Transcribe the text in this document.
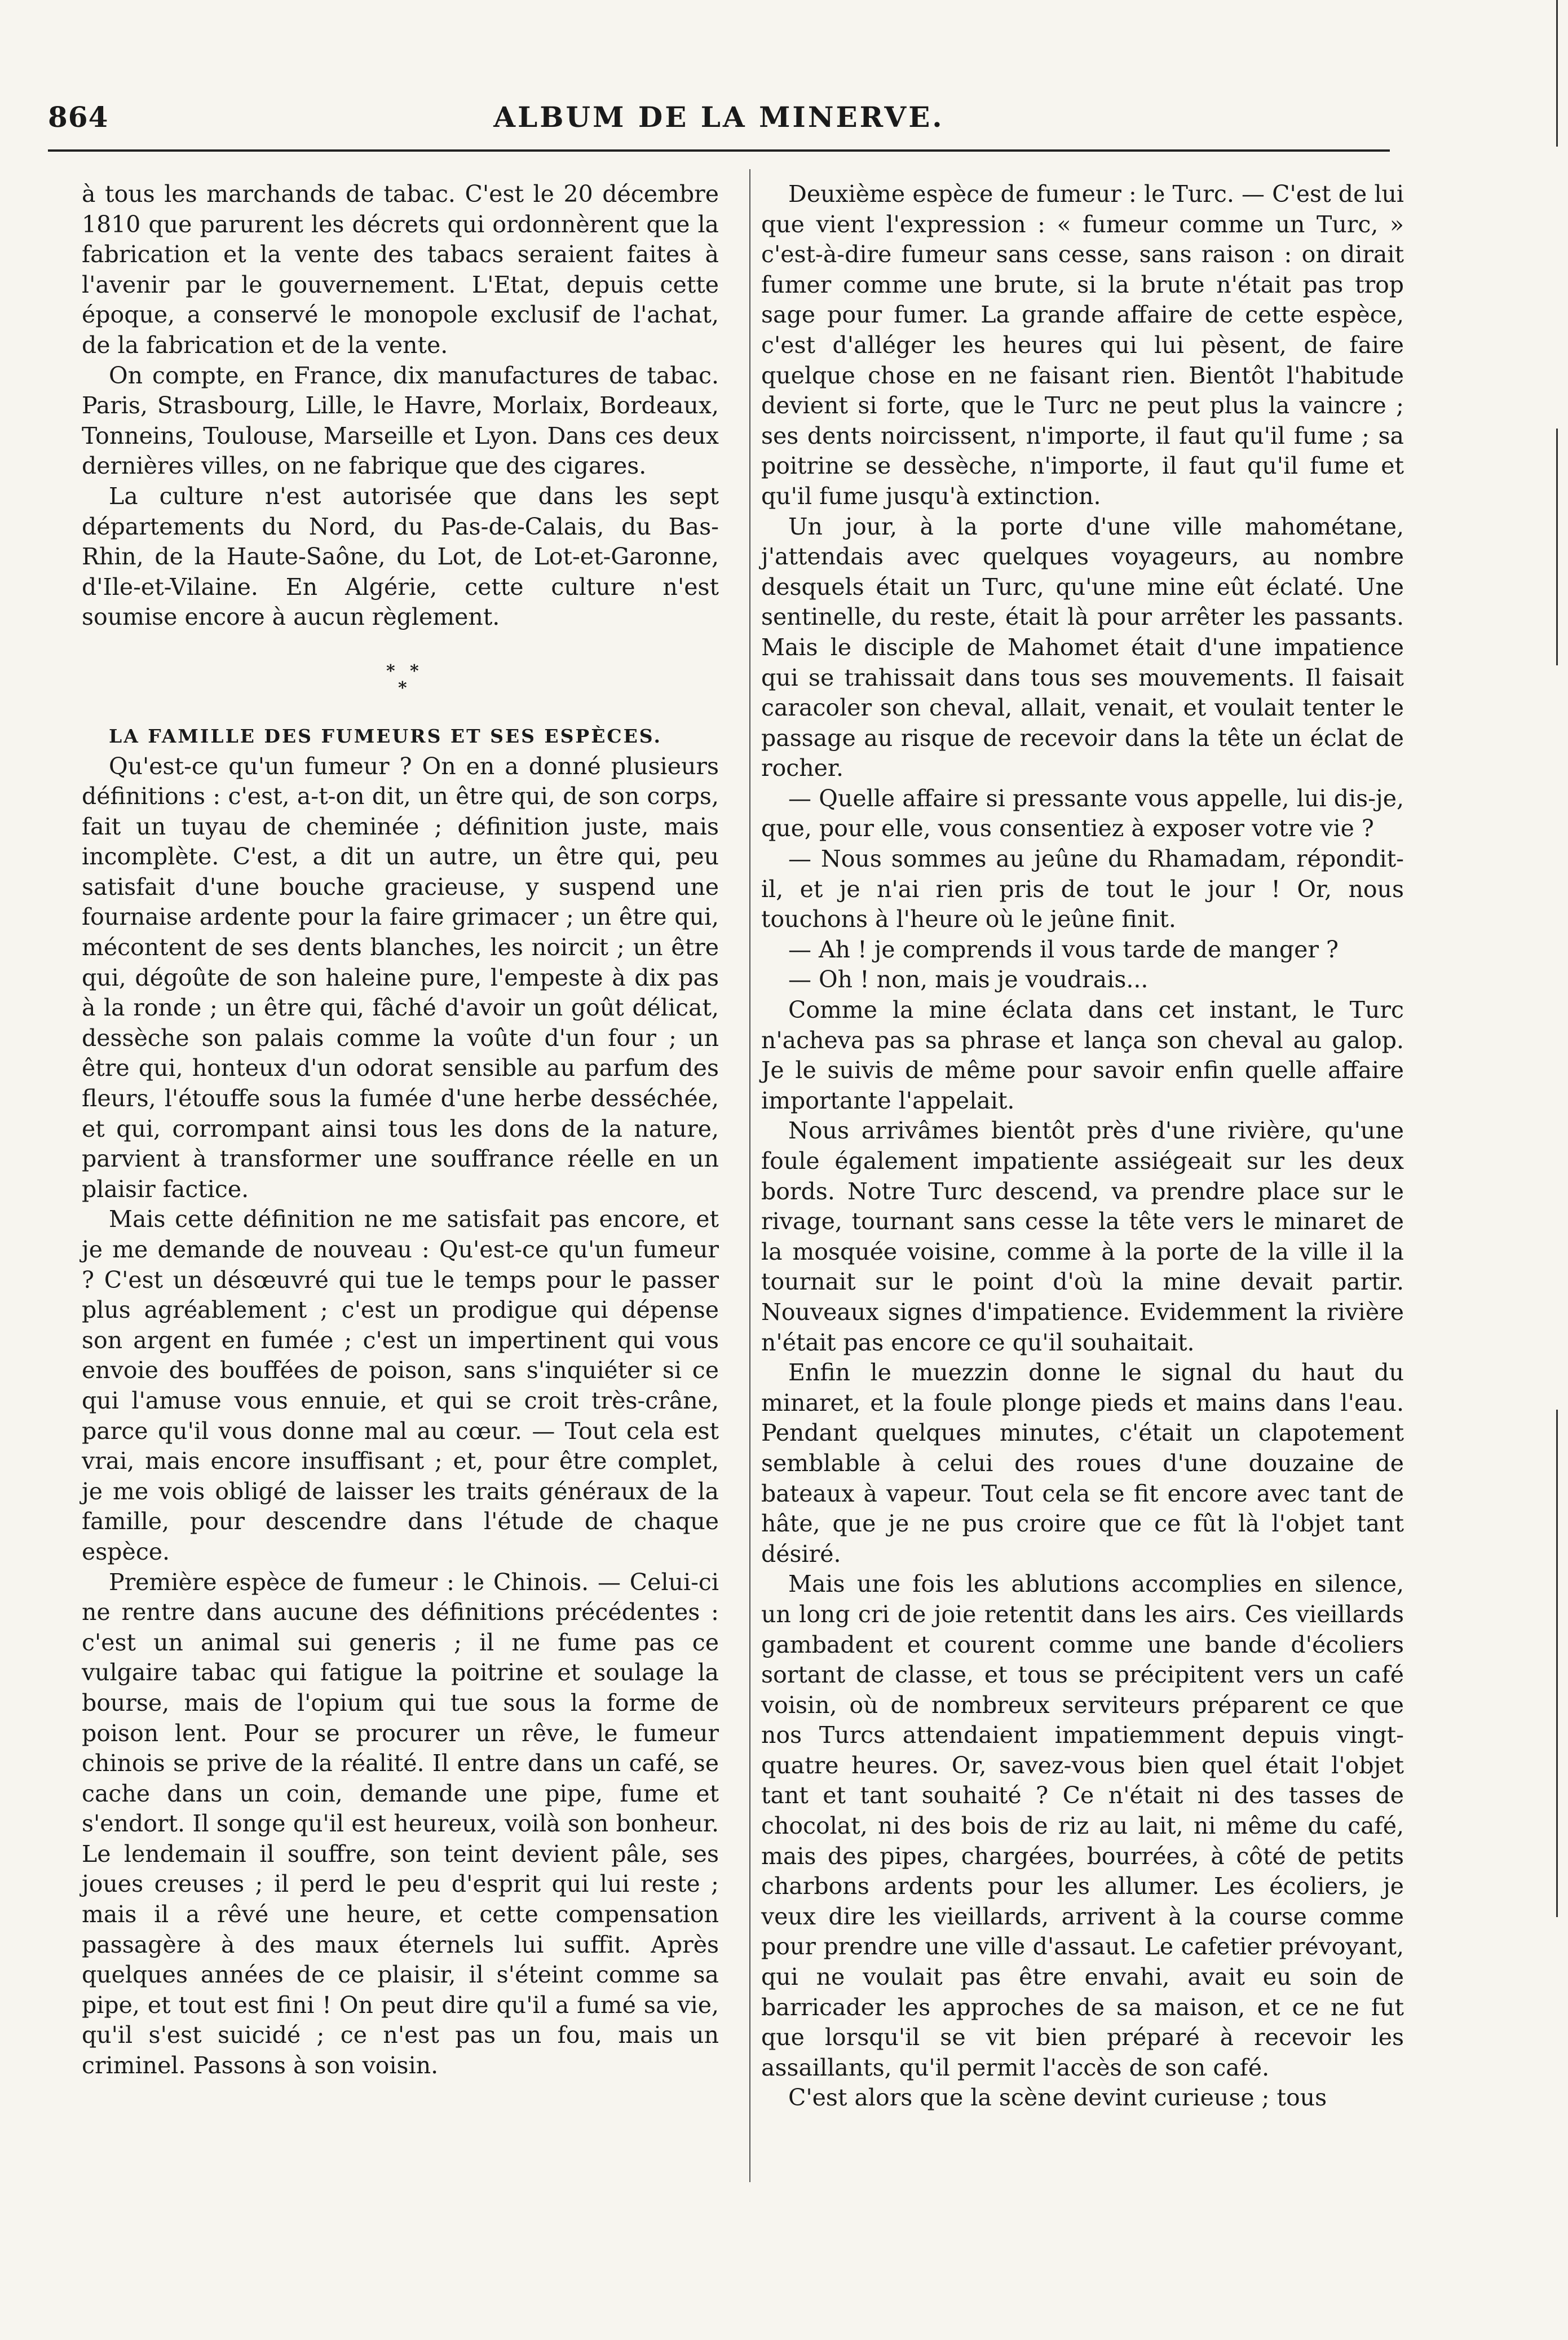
864	ALBUM DE LA MINERVE.

à tous les marchands de tabac. C'est le 20 décembre 1810 que parurent les décrets qui ordonnèrent que la fabrication et la vente des tabacs seraient faites à l'avenir par le gouvernement. L'Etat, depuis cette époque, a conservé le monopole exclusif de l'achat, de la fabrication et de la vente.

On compte, en France, dix manufactures de tabac. Paris, Strasbourg, Lille, le Havre, Morlaix, Bordeaux, Tonneins, Toulouse, Marseille et Lyon. Dans ces deux dernières villes, on ne fabrique que des cigares.

La culture n'est autorisée que dans les sept départements du Nord, du Pas-de-Calais, du Bas-Rhin, de la Haute-Saône, du Lot, de Lot-et-Garonne, d'Ile-et-Vilaine. En Algérie, cette culture n'est soumise encore à aucun règlement.

* *
*

LA FAMILLE DES FUMEURS ET SES ESPÈCES.

Qu'est-ce qu'un fumeur ? On en a donné plusieurs définitions : c'est, a-t-on dit, un être qui, de son corps, fait un tuyau de cheminée ; définition juste, mais incomplète. C'est, a dit un autre, un être qui, peu satisfait d'une bouche gracieuse, y suspend une fournaise ardente pour la faire grimacer ; un être qui, mécontent de ses dents blanches, les noircit ; un être qui, dégoûte de son haleine pure, l'empeste à dix pas à la ronde ; un être qui, fâché d'avoir un goût délicat, dessèche son palais comme la voûte d'un four ; un être qui, honteux d'un odorat sensible au parfum des fleurs, l'étouffe sous la fumée d'une herbe desséchée, et qui, corrompant ainsi tous les dons de la nature, parvient à transformer une souffrance réelle en un plaisir factice.

Mais cette définition ne me satisfait pas encore, et je me demande de nouveau : Qu'est-ce qu'un fumeur ? C'est un désœuvré qui tue le temps pour le passer plus agréablement ; c'est un prodigue qui dépense son argent en fumée ; c'est un impertinent qui vous envoie des bouffées de poison, sans s'inquiéter si ce qui l'amuse vous ennuie, et qui se croit très-crâne, parce qu'il vous donne mal au cœur. — Tout cela est vrai, mais encore insuffisant ; et, pour être complet, je me vois obligé de laisser les traits généraux de la famille, pour descendre dans l'étude de chaque espèce.

Première espèce de fumeur : le Chinois. — Celui-ci ne rentre dans aucune des définitions précédentes : c'est un animal sui generis ; il ne fume pas ce vulgaire tabac qui fatigue la poitrine et soulage la bourse, mais de l'opium qui tue sous la forme de poison lent. Pour se procurer un rêve, le fumeur chinois se prive de la réalité. Il entre dans un café, se cache dans un coin, demande une pipe, fume et s'endort. Il songe qu'il est heureux, voilà son bonheur. Le lendemain il souffre, son teint devient pâle, ses joues creuses ; il perd le peu d'esprit qui lui reste ; mais il a rêvé une heure, et cette compensation passagère à des maux éternels lui suffit. Après quelques années de ce plaisir, il s'éteint comme sa pipe, et tout est fini ! On peut dire qu'il a fumé sa vie, qu'il s'est suicidé ; ce n'est pas un fou, mais un criminel. Passons à son voisin.

Deuxième espèce de fumeur : le Turc. — C'est de lui que vient l'expression : « fumeur comme un Turc, » c'est-à-dire fumeur sans cesse, sans raison : on dirait fumer comme une brute, si la brute n'était pas trop sage pour fumer. La grande affaire de cette espèce, c'est d'alléger les heures qui lui pèsent, de faire quelque chose en ne faisant rien. Bientôt l'habitude devient si forte, que le Turc ne peut plus la vaincre ; ses dents noircissent, n'importe, il faut qu'il fume ; sa poitrine se dessèche, n'importe, il faut qu'il fume et qu'il fume jusqu'à extinction.

Un jour, à la porte d'une ville mahométane, j'attendais avec quelques voyageurs, au nombre desquels était un Turc, qu'une mine eût éclaté. Une sentinelle, du reste, était là pour arrêter les passants. Mais le disciple de Mahomet était d'une impatience qui se trahissait dans tous ses mouvements. Il faisait caracoler son cheval, allait, venait, et voulait tenter le passage au risque de recevoir dans la tête un éclat de rocher.

— Quelle affaire si pressante vous appelle, lui dis-je, que, pour elle, vous consentiez à exposer votre vie ?

— Nous sommes au jeûne du Rhamadam, répondit-il, et je n'ai rien pris de tout le jour ! Or, nous touchons à l'heure où le jeûne finit.

— Ah ! je comprends il vous tarde de manger ?

— Oh ! non, mais je voudrais...

Comme la mine éclata dans cet instant, le Turc n'acheva pas sa phrase et lança son cheval au galop. Je le suivis de même pour savoir enfin quelle affaire importante l'appelait.

Nous arrivâmes bientôt près d'une rivière, qu'une foule également impatiente assiégeait sur les deux bords. Notre Turc descend, va prendre place sur le rivage, tournant sans cesse la tête vers le minaret de la mosquée voisine, comme à la porte de la ville il la tournait sur le point d'où la mine devait partir. Nouveaux signes d'impatience. Evidemment la rivière n'était pas encore ce qu'il souhaitait.

Enfin le muezzin donne le signal du haut du minaret, et la foule plonge pieds et mains dans l'eau. Pendant quelques minutes, c'était un clapotement semblable à celui des roues d'une douzaine de bateaux à vapeur. Tout cela se fit encore avec tant de hâte, que je ne pus croire que ce fût là l'objet tant désiré.

Mais une fois les ablutions accomplies en silence, un long cri de joie retentit dans les airs. Ces vieillards gambadent et courent comme une bande d'écoliers sortant de classe, et tous se précipitent vers un café voisin, où de nombreux serviteurs préparent ce que nos Turcs attendaient impatiemment depuis vingt-quatre heures. Or, savez-vous bien quel était l'objet tant et tant souhaité ? Ce n'était ni des tasses de chocolat, ni des bois de riz au lait, ni même du café, mais des pipes, chargées, bourrées, à côté de petits charbons ardents pour les allumer. Les écoliers, je veux dire les vieillards, arrivent à la course comme pour prendre une ville d'assaut. Le cafetier prévoyant, qui ne voulait pas être envahi, avait eu soin de barricader les approches de sa maison, et ce ne fut que lorsqu'il se vit bien préparé à recevoir les assaillants, qu'il permit l'accès de son café.

C'est alors que la scène devint curieuse ; tous
